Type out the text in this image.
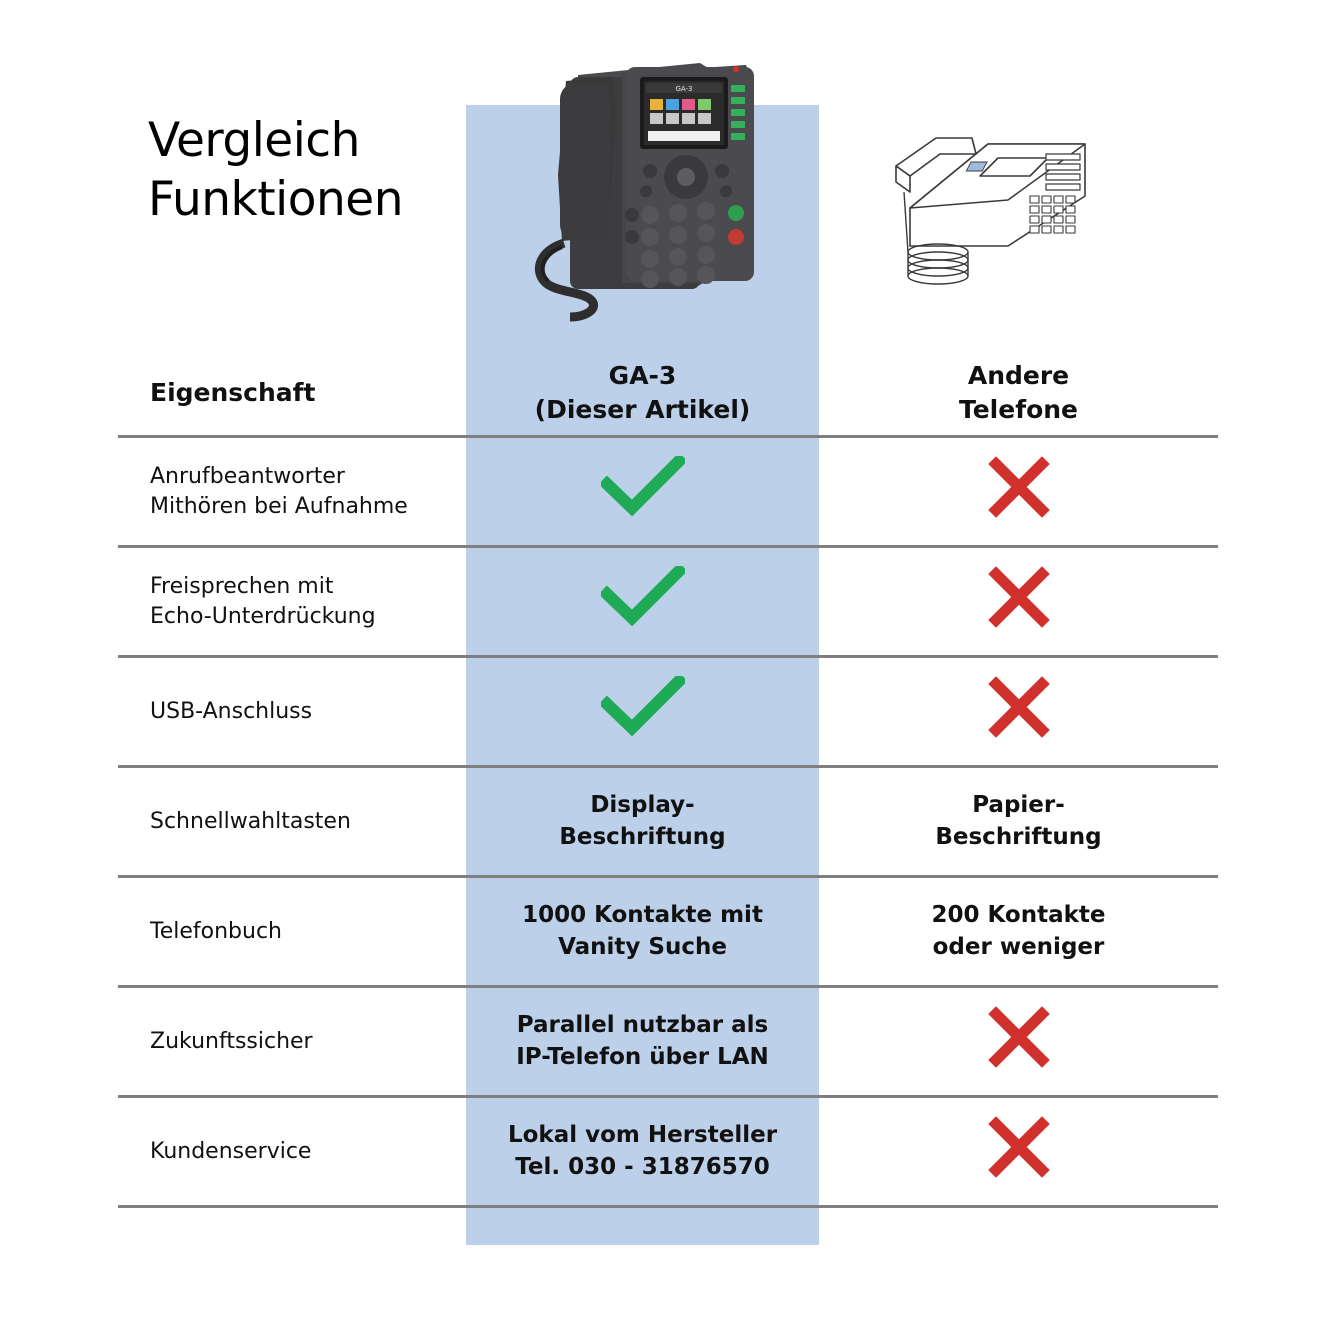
Vergleich
Funktionen
GA-3
Eigenschaft
GA-3
(Dieser Artikel)
Andere
Telefone
Anrufbeantworter
Mithören bei Aufnahme
Freisprechen mit
Echo-Unterdrückung
USB-Anschluss
Schnellwahltasten
Display-
Beschriftung
Papier-
Beschriftung
Telefonbuch
1000 Kontakte mit
Vanity Suche
200 Kontakte
oder weniger
Zukunftssicher
Parallel nutzbar als
IP-Telefon über LAN
Kundenservice
Lokal vom Hersteller
Tel. 030 - 31876570
